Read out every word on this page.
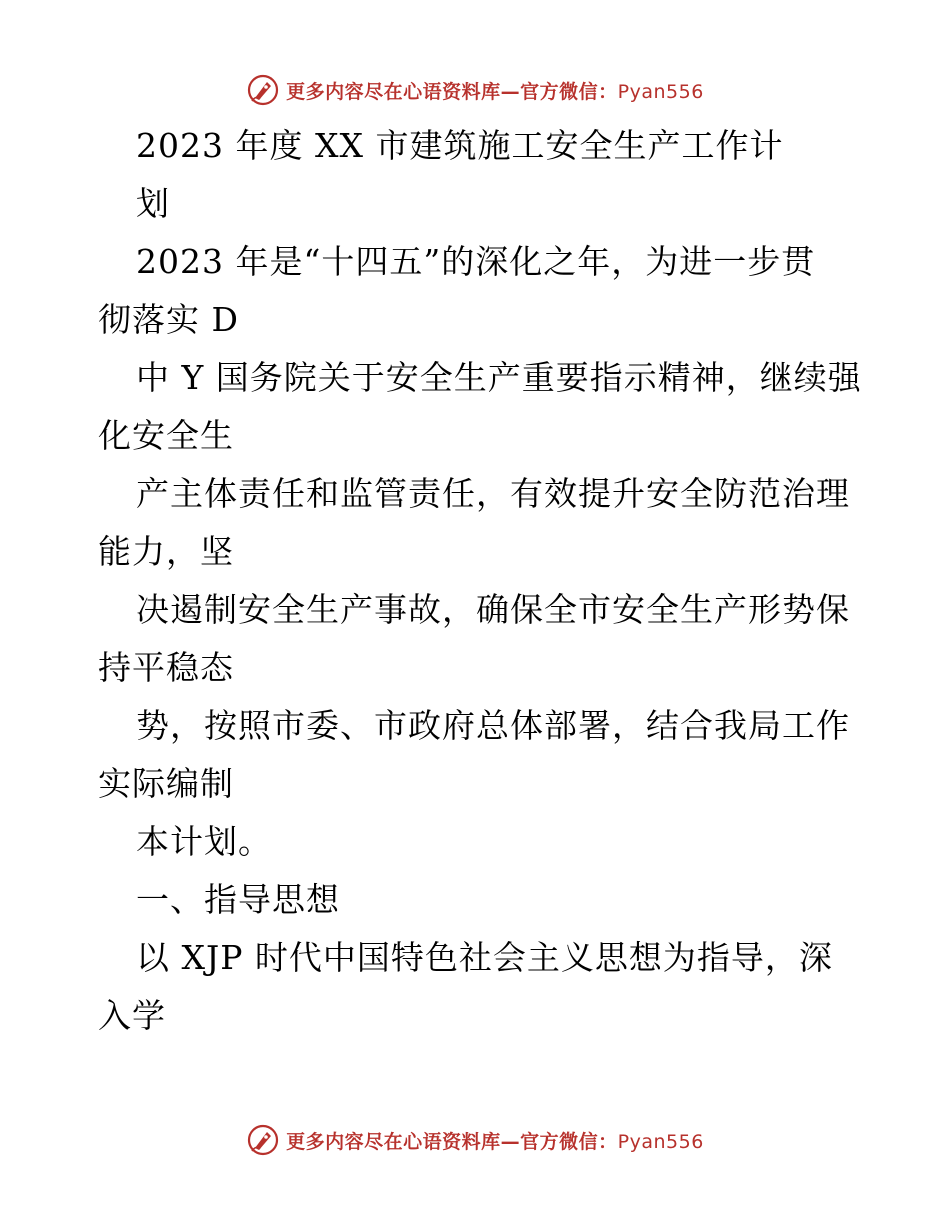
更多内容尽在心语资料库—官方微信：Pyan556
2023 年度 XX 市建筑施工安全生产工作计
划
2023 年是“十四五”的深化之年，为进一步贯
彻落实 D
中 Y 国务院关于安全生产重要指示精神，继续强
化安全生
产主体责任和监管责任，有效提升安全防范治理
能力，坚
决遏制安全生产事故，确保全市安全生产形势保
持平稳态
势，按照市委、市政府总体部署，结合我局工作
实际编制
本计划。
一、指导思想
以 XJP 时代中国特色社会主义思想为指导，深
入学
更多内容尽在心语资料库—官方微信：Pyan556
